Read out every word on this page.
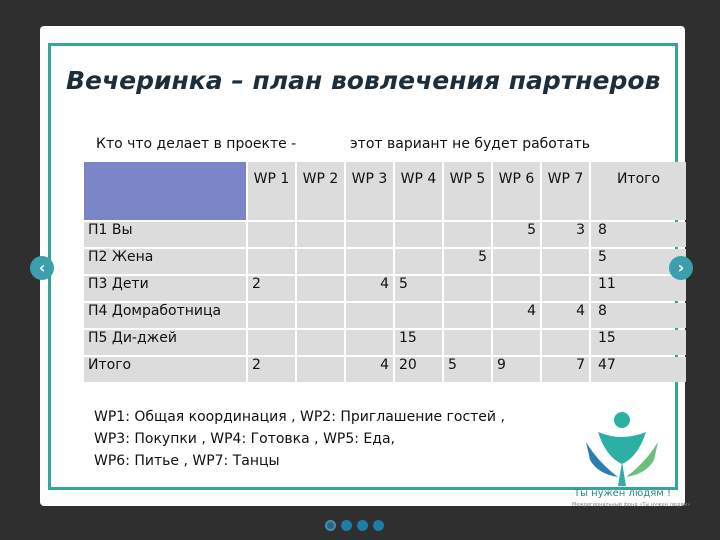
Вечеринка – план вовлечения партнеров
Кто что делает в проекте -	этот вариант не будет работать
	WP 1	WP 2	WP 3	WP 4	WP 5	WP 6	WP 7	Итого
П1 Вы						5	3	8
П2 Жена					5			5
П3 Дети	2		4	5				11
П4 Домработница						4	4	8
П5 Ди-джей				15				15
Итого	2		4	20	5	9	7	47
WP1: Общая координация , WP2: Приглашение гостей ,
WP3: Покупки , WP4: Готовка , WP5: Еда,
WP6: Питье , WP7: Танцы
‹	›
Ты нужен людям !
Межрегиональный фонд «Ты нужен людям»
